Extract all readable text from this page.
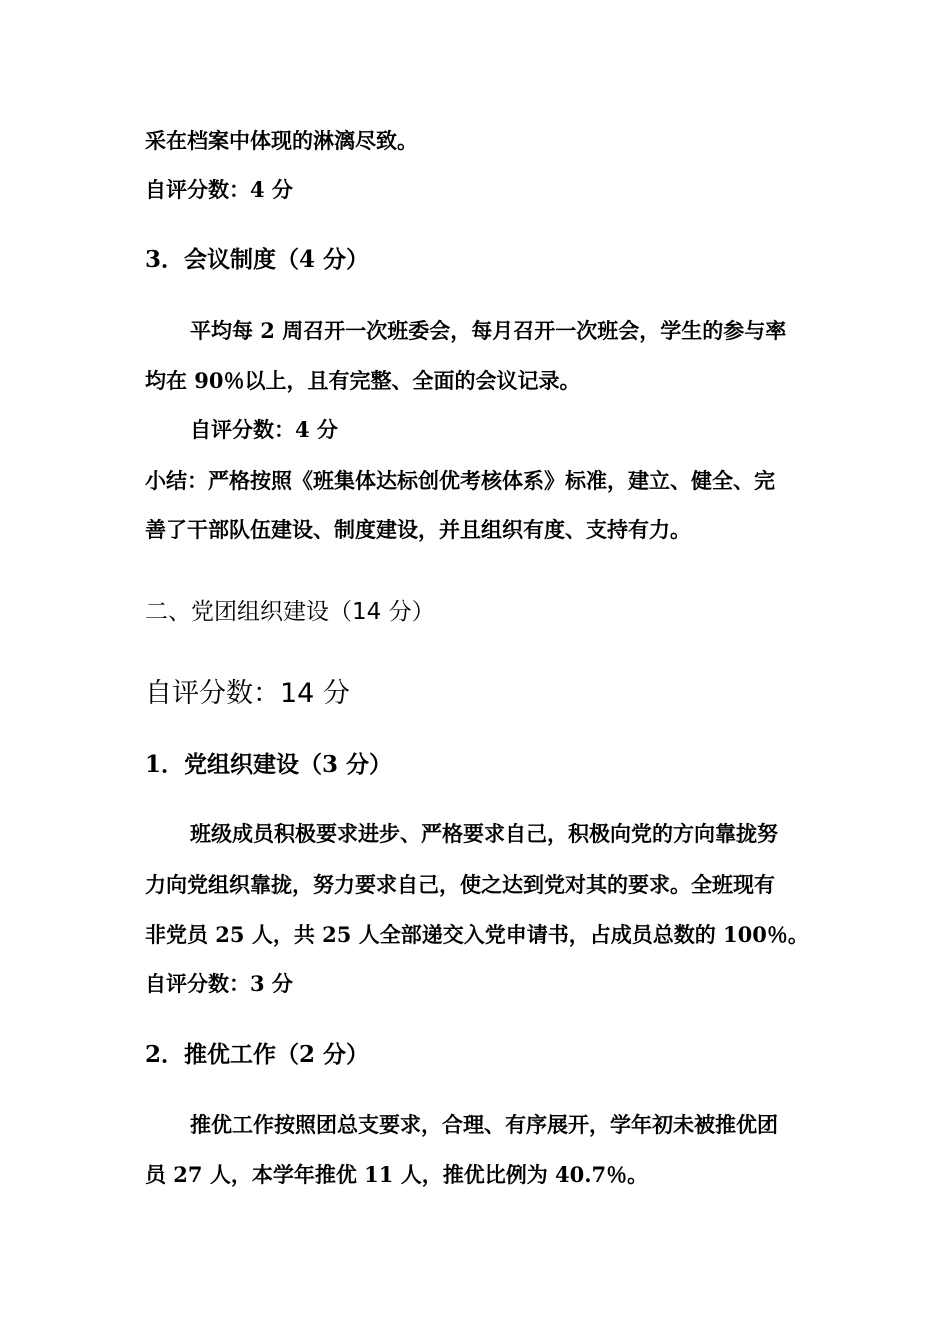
采在档案中体现的淋漓尽致。
自评分数：4 分
3．会议制度（4 分）
平均每 2 周召开一次班委会，每月召开一次班会，学生的参与率
均在 90％以上，且有完整、全面的会议记录。
自评分数：4 分
小结：严格按照《班集体达标创优考核体系》标准，建立、健全、完
善了干部队伍建设、制度建设，并且组织有度、支持有力。
二、党团组织建设（14 分）
自评分数：14 分
1．党组织建设（3 分）
班级成员积极要求进步、严格要求自己，积极向党的方向靠拢努
力向党组织靠拢，努力要求自己，使之达到党对其的要求。全班现有
非党员 25 人，共 25 人全部递交入党申请书，占成员总数的 100％。
自评分数：3 分
2．推优工作（2 分）
推优工作按照团总支要求，合理、有序展开，学年初未被推优团
员 27 人，本学年推优 11 人，推优比例为 40.7％。
